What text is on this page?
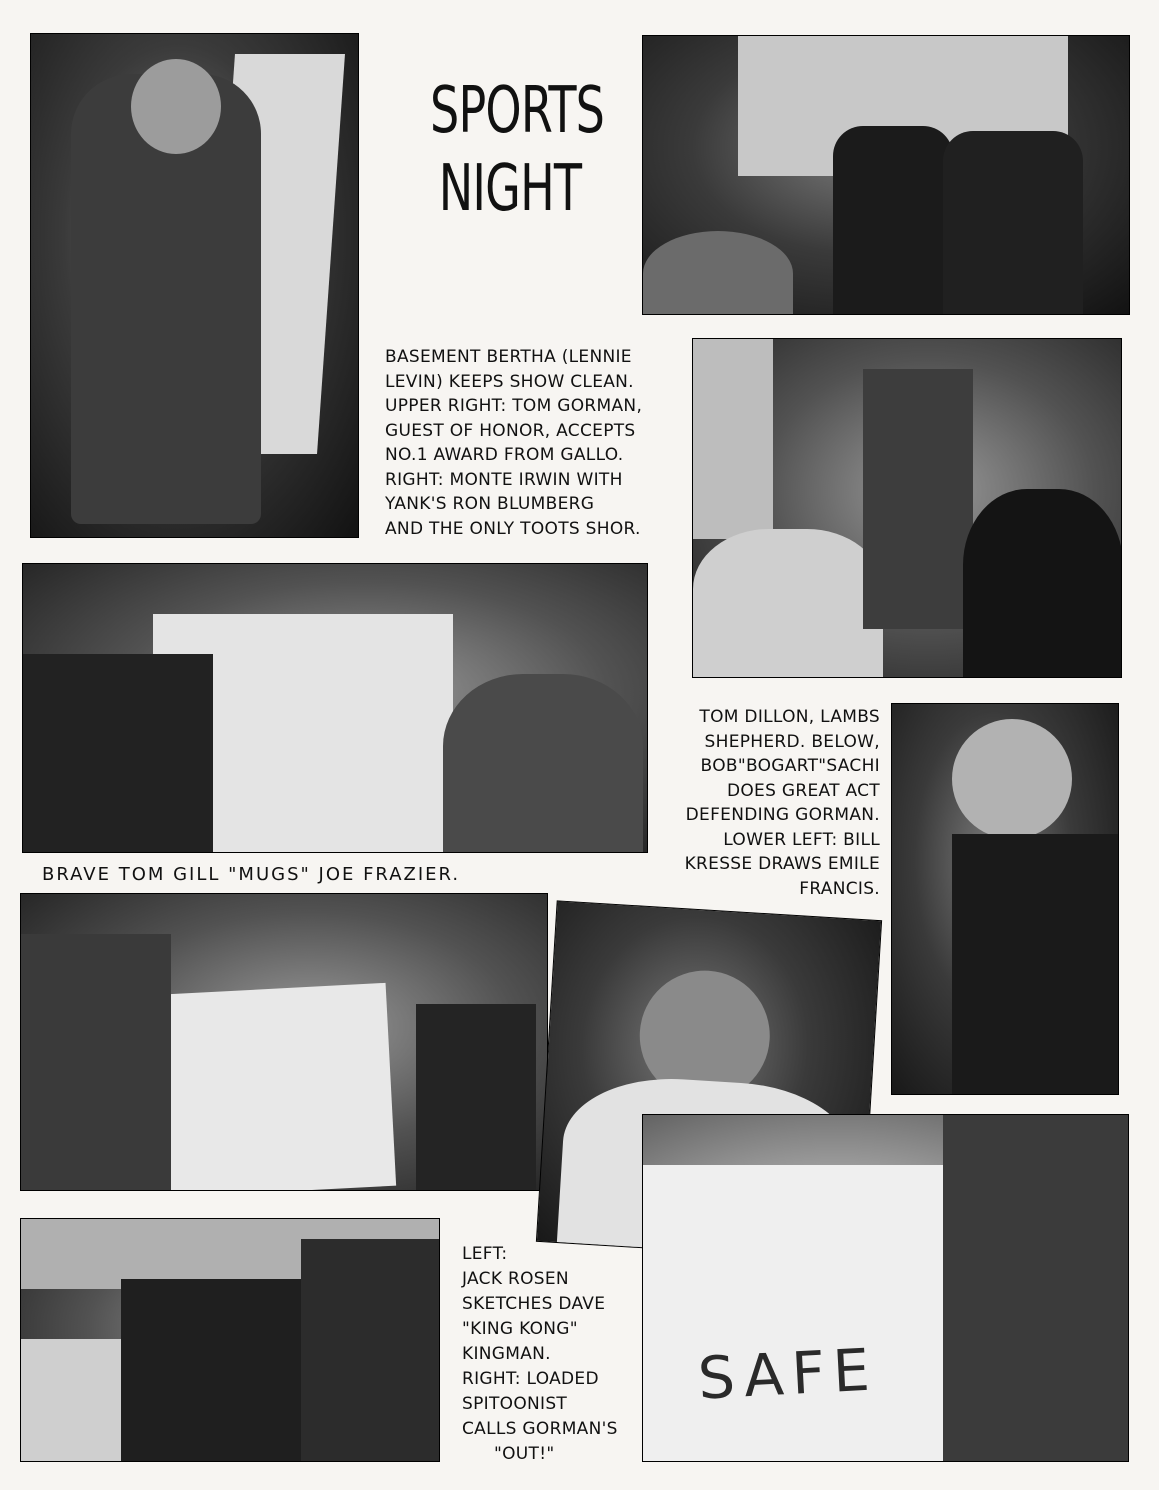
SAFE
SPORTS
NIGHT
BASEMENT BERTHA (LENNIE
LEVIN) KEEPS SHOW CLEAN.
UPPER RIGHT: TOM GORMAN,
GUEST OF HONOR, ACCEPTS
NO.1 AWARD FROM GALLO.
RIGHT: MONTE IRWIN WITH
YANK'S RON BLUMBERG
AND THE ONLY TOOTS SHOR.
BRAVE TOM GILL "MUGS" JOE FRAZIER.
TOM DILLON, LAMBS
SHEPHERD. BELOW,
BOB"BOGART"SACHI
DOES GREAT ACT
DEFENDING GORMAN.
LOWER LEFT: BILL
KRESSE DRAWS EMILE
FRANCIS.
LEFT:
JACK ROSEN
SKETCHES DAVE
"KING KONG"
KINGMAN.
RIGHT: LOADED
SPITOONIST
CALLS GORMAN'S
"OUT!"
